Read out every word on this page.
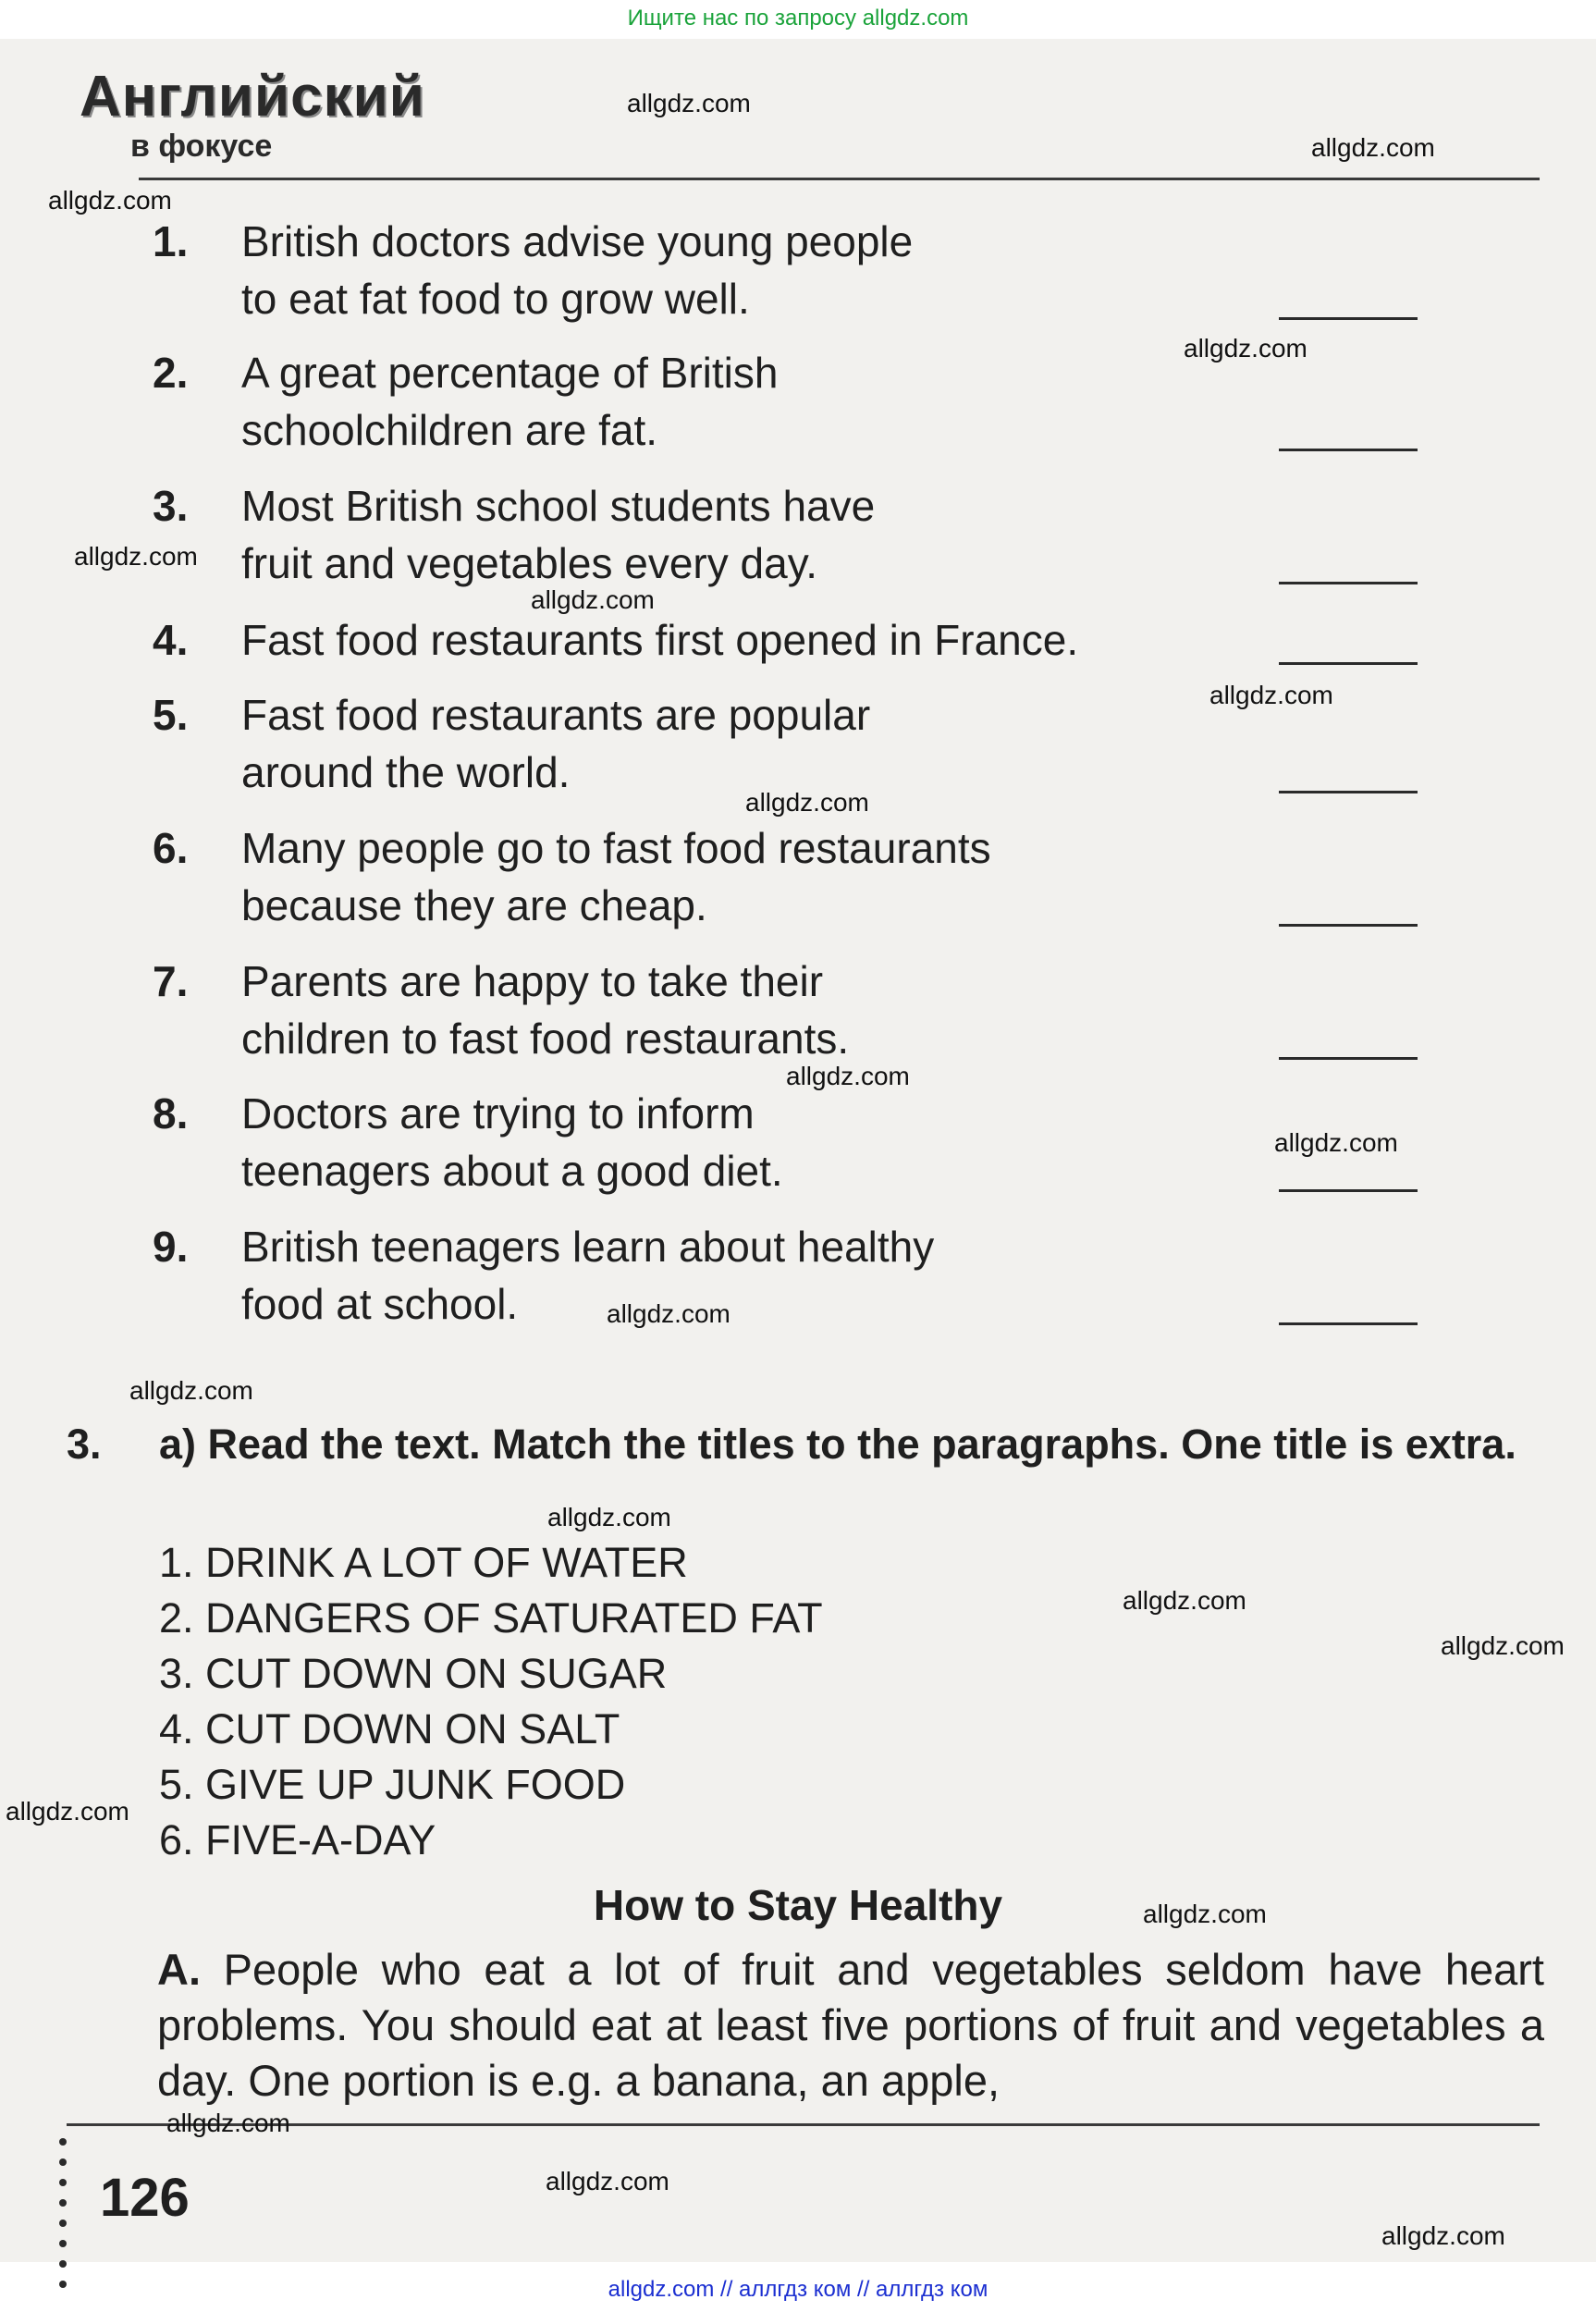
Ищите нас по запросу allgdz.com
Английский
в фокусе
1. British doctors advise young people
to eat fat food to grow well.
2. A great percentage of British
schoolchildren are fat.
3. Most British school students have
fruit and vegetables every day.
4. Fast food restaurants first opened in France.
5. Fast food restaurants are popular
around the world.
6. Many people go to fast food restaurants
because they are cheap.
7. Parents are happy to take their
children to fast food restaurants.
8. Doctors are trying to inform
teenagers about a good diet.
9. British teenagers learn about healthy
food at school.
3. a) Read the text. Match the titles to the paragraphs. One title is extra.
1. DRINK A LOT OF WATER
2. DANGERS OF SATURATED FAT
3. CUT DOWN ON SUGAR
4. CUT DOWN ON SALT
5. GIVE UP JUNK FOOD
6. FIVE-A-DAY
How to Stay Healthy
A. People who eat a lot of fruit and vegetables seldom have heart problems. You should eat at least five portions of fruit and vegetables a day. One portion is e.g. a banana, an apple,
126
allgdz.com
allgdz.com
allgdz.com
allgdz.com
allgdz.com
allgdz.com
allgdz.com
allgdz.com
allgdz.com
allgdz.com
allgdz.com
allgdz.com
allgdz.com
allgdz.com
allgdz.com
allgdz.com
allgdz.com
allgdz.com
allgdz.com
allgdz.com
allgdz.com // аллгдз ком // аллгдз ком
